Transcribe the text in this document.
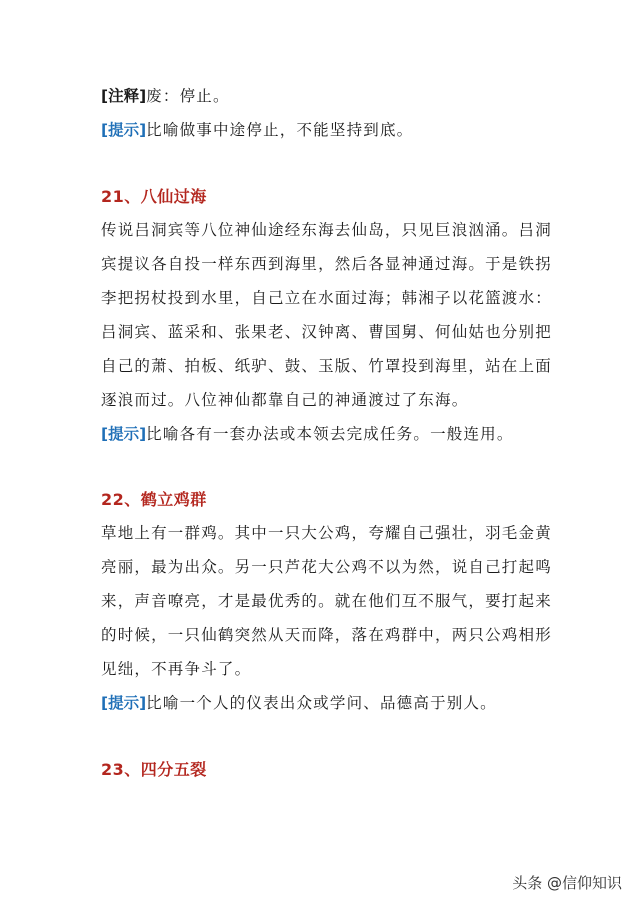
[注释]废：停止。
[提示]比喻做事中途停止，不能坚持到底。
21、八仙过海
传说吕洞宾等八位神仙途经东海去仙岛，只见巨浪汹涌。吕洞
宾提议各自投一样东西到海里，然后各显神通过海。于是铁拐
李把拐杖投到水里，自己立在水面过海；韩湘子以花篮渡水：
吕洞宾、蓝采和、张果老、汉钟离、曹国舅、何仙姑也分别把
自己的萧、拍板、纸驴、鼓、玉版、竹罩投到海里，站在上面
逐浪而过。八位神仙都靠自己的神通渡过了东海。
[提示]比喻各有一套办法或本领去完成任务。一般连用。
22、鹤立鸡群
草地上有一群鸡。其中一只大公鸡，夸耀自己强壮，羽毛金黄
亮丽，最为出众。另一只芦花大公鸡不以为然，说自己打起鸣
来，声音嘹亮，才是最优秀的。就在他们互不服气，要打起来
的时候，一只仙鹤突然从天而降，落在鸡群中，两只公鸡相形
见绌，不再争斗了。
[提示]比喻一个人的仪表出众或学问、品德高于别人。
23、四分五裂
头条 @信仰知识
